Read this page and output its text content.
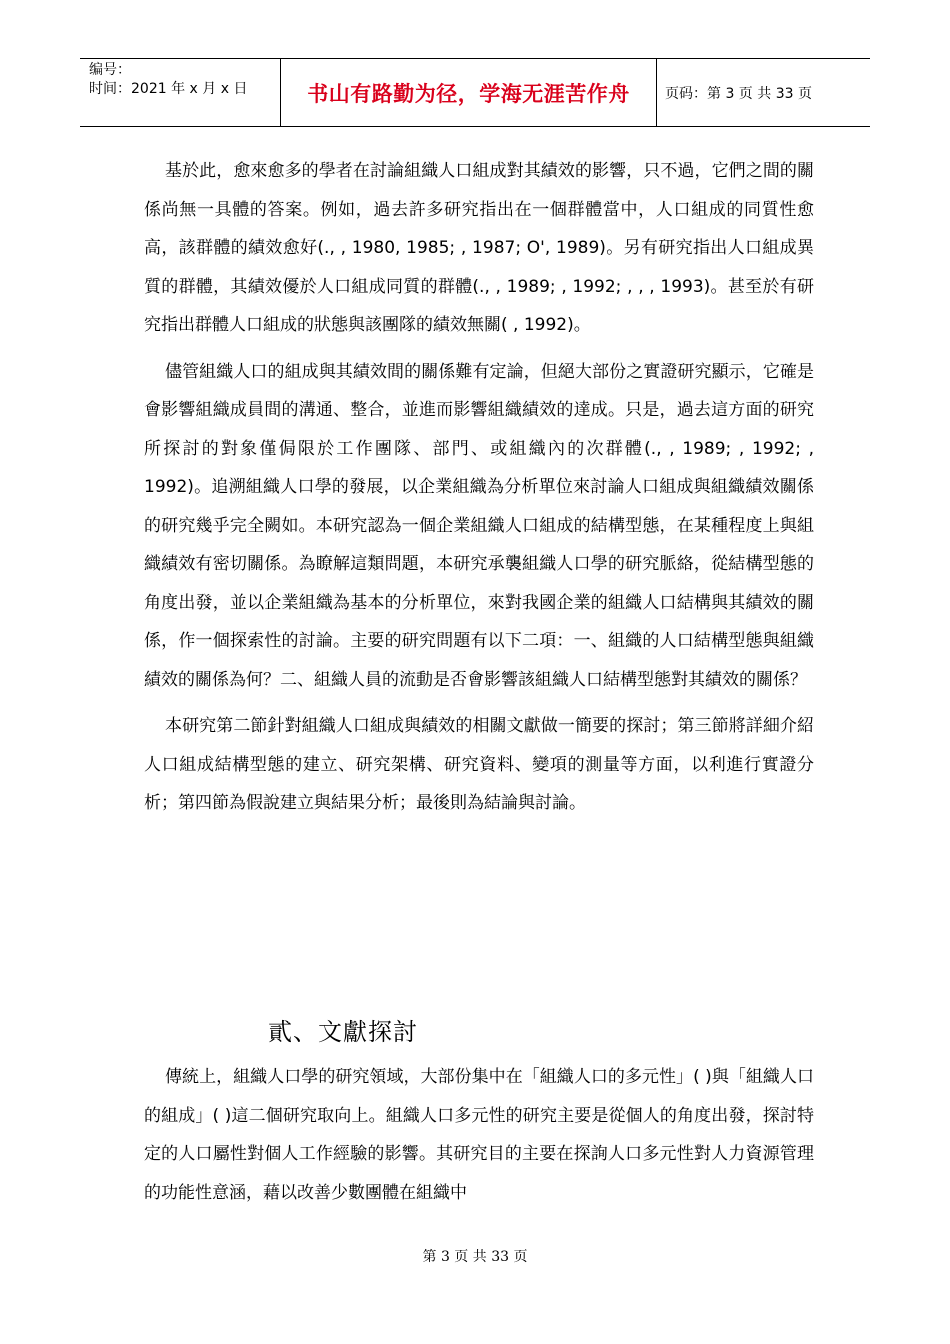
编号：
时间：2021 年 x 月 x 日	书山有路勤为径，学海无涯苦作舟	页码：第 3 页 共 33 页

基於此，愈來愈多的學者在討論組織人口組成對其績效的影響，只不過，它們之間的關係尚無一具體的答案。例如，過去許多研究指出在一個群體當中，人口組成的同質性愈高，該群體的績效愈好(., , 1980, 1985; , 1987; O', 1989)。另有研究指出人口組成異質的群體，其績效優於人口組成同質的群體(., , 1989; , 1992; , , , 1993)。甚至於有研究指出群體人口組成的狀態與該團隊的績效無關( , 1992)。

儘管組織人口的組成與其績效間的關係難有定論，但絕大部份之實證研究顯示，它確是會影響組織成員間的溝通、整合，並進而影響組織績效的達成。只是，過去這方面的研究所探討的對象僅侷限於工作團隊、部門、或組織內的次群體(., , 1989; , 1992; , 1992)。追溯組織人口學的發展，以企業組織為分析單位來討論人口組成與組織績效關係的研究幾乎完全闕如。本研究認為一個企業組織人口組成的結構型態，在某種程度上與組織績效有密切關係。為瞭解這類問題，本研究承襲組織人口學的研究脈絡，從結構型態的角度出發，並以企業組織為基本的分析單位，來對我國企業的組織人口結構與其績效的關係，作一個探索性的討論。主要的研究問題有以下二項：一、組織的人口結構型態與組織績效的關係為何？二、組織人員的流動是否會影響該組織人口結構型態對其績效的關係？

本研究第二節針對組織人口組成與績效的相關文獻做一簡要的探討；第三節將詳細介紹人口組成結構型態的建立、研究架構、研究資料、變項的測量等方面，以利進行實證分析；第四節為假說建立與結果分析；最後則為結論與討論。

貳、文獻探討

傳統上，組織人口學的研究領域，大部份集中在「組織人口的多元性」( )與「組織人口的組成」( )這二個研究取向上。組織人口多元性的研究主要是從個人的角度出發，探討特定的人口屬性對個人工作經驗的影響。其研究目的主要在探詢人口多元性對人力資源管理的功能性意涵，藉以改善少數團體在組織中

第 3 页 共 33 页
